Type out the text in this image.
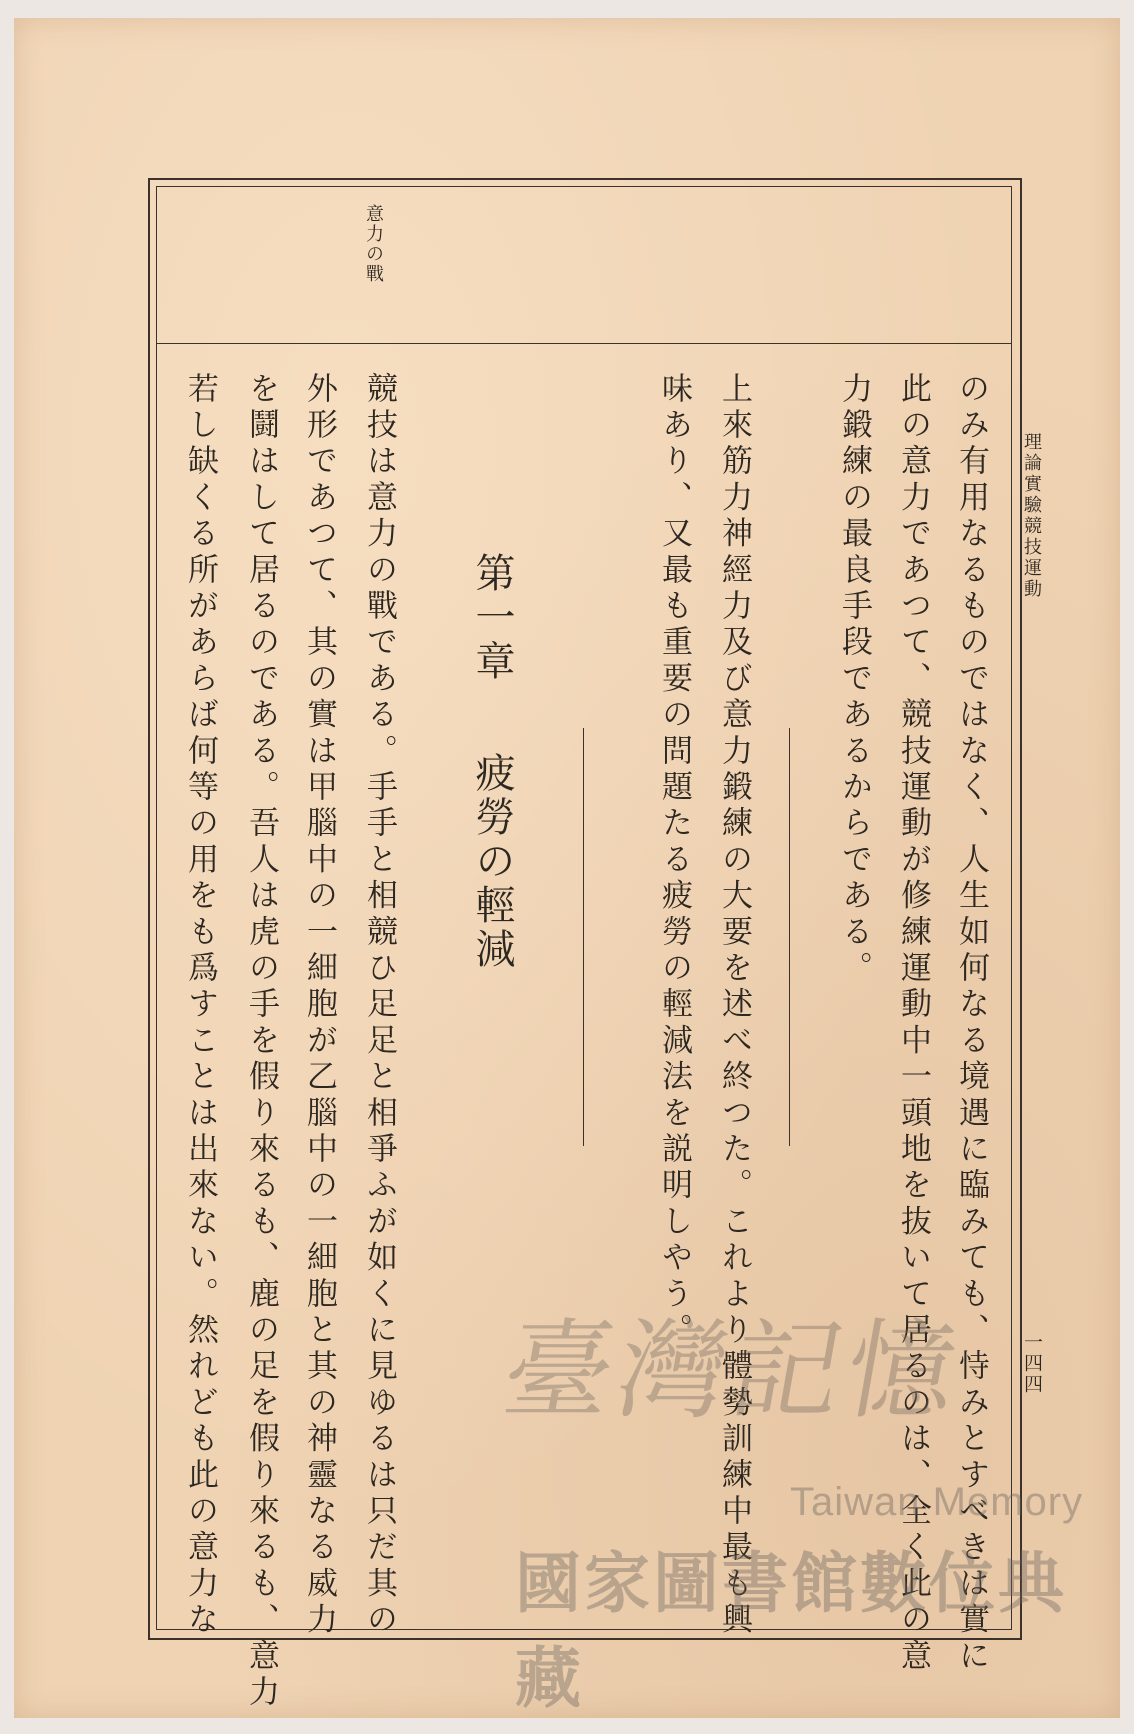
理論實驗競技運動
一四四
意力の戰
のみ有用なるものではなく、人生如何なる境遇に臨みても、恃みとすべきは實に
此の意力であつて、競技運動が修練運動中一頭地を抜いて居るのは、全く此の意
力鍛練の最良手段であるからである。
上來筋力神經力及び意力鍛練の大要を述べ終つた。これより體勢訓練中最も興
味あり、又最も重要の問題たる疲勞の輕減法を説明しやう。
第一章
疲勞の輕減
競技は意力の戰である。手手と相競ひ足足と相爭ふが如くに見ゆるは只だ其の
外形であつて、其の實は甲腦中の一細胞が乙腦中の一細胞と其の神靈なる威力
を鬪はして居るのである。吾人は虎の手を假り來るも、鹿の足を假り來るも、意力
若し缺くる所があらば何等の用をも爲すことは出來ない。然れども此の意力な	臺灣記憶
Taiwan Memory
國家圖書館數位典藏
